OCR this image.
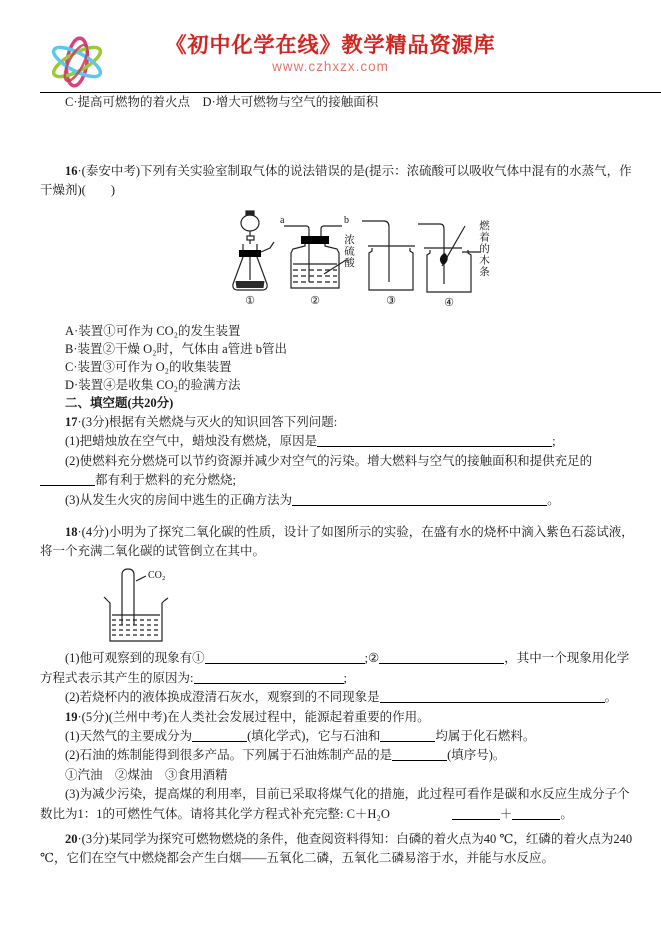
《初中化学在线》教学精品资源库
www.czhxzx.com

C·提高可燃物的着火点　D·增大可燃物与空气的接触面积

16·(泰安中考)下列有关实验室制取气体的说法错误的是(提示：浓硫酸可以吸收气体中混有的水蒸气，作干燥剂)(　　)

a	b
①	②	③	④
浓硫酸	燃着的木条

A·装置①可作为 CO₂的发生装置

B·装置②干燥 O₂时，气体由 a管进 b管出

C·装置③可作为 O₂的收集装置

D·装置④是收集 CO₂的验满方法

二、填空题(共20分)

17·(3分)根据有关燃烧与灭火的知识回答下列问题:

(1)把蜡烛放在空气中，蜡烛没有燃烧，原因是	;

(2)使燃料充分燃烧可以节约资源并减少对空气的污染。增大燃料与空气的接触面积和提供充足的都有利于燃料的充分燃烧;

(3)从发生火灾的房间中逃生的正确方法为	。

18·(4分)小明为了探究二氧化碳的性质，设计了如图所示的实验，在盛有水的烧杯中滴入紫色石蕊试液，将一个充满二氧化碳的试管倒立在其中。

CO₂

(1)他可观察到的现象有①	;②	，其中一个现象用化学方程式表示其产生的原因为:	;

(2)若烧杯内的液体换成澄清石灰水，观察到的不同现象是	。

19·(5分)(兰州中考)在人类社会发展过程中，能源起着重要的作用。

(1)天然气的主要成分为	(填化学式)，它与石油和	均属于化石燃料。

(2)石油的炼制能得到很多产品。下列属于石油炼制产品的是	(填序号)。

①汽油　②煤油　③食用酒精

(3)为减少污染，提高煤的利用率，目前已采取将煤气化的措施，此过程可看作是碳和水反应生成分子个数比为1：1的可燃性气体。请将其化学方程式补充完整: C＋H₂O	＋	。

20·(3分)某同学为探究可燃物燃烧的条件，他查阅资料得知：白磷的着火点为40 ℃，红磷的着火点为240 ℃，它们在空气中燃烧都会产生白烟——五氧化二磷，五氧化二磷易溶于水，并能与水反应。
